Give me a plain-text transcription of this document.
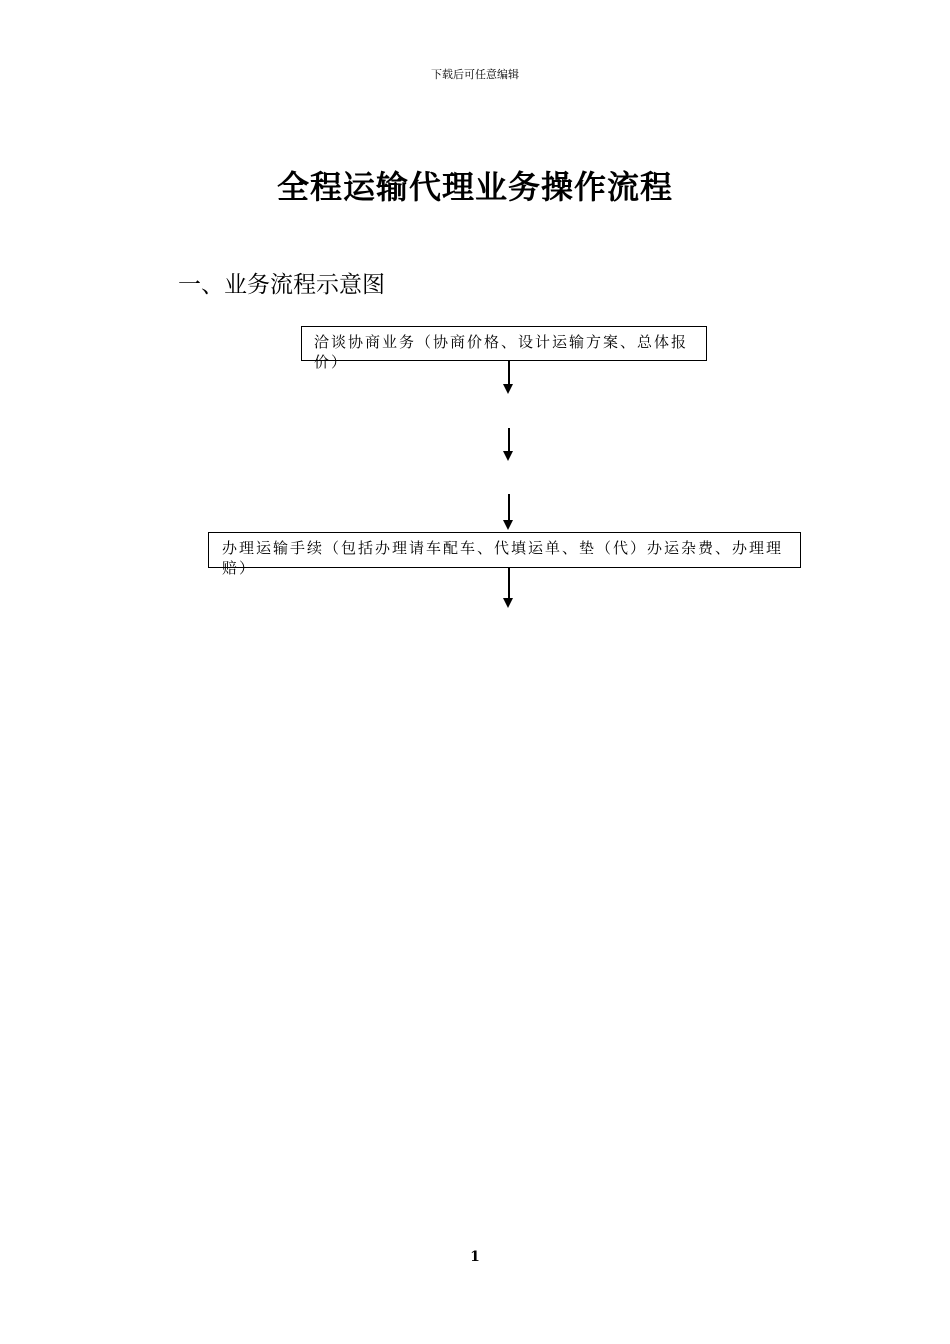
下载后可任意编辑
全程运输代理业务操作流程
一、业务流程示意图
洽谈协商业务（协商价格、设计运输方案、总体报价）
办理运输手续（包括办理请车配车、代填运单、垫（代）办运杂费、办理理赔）
1
